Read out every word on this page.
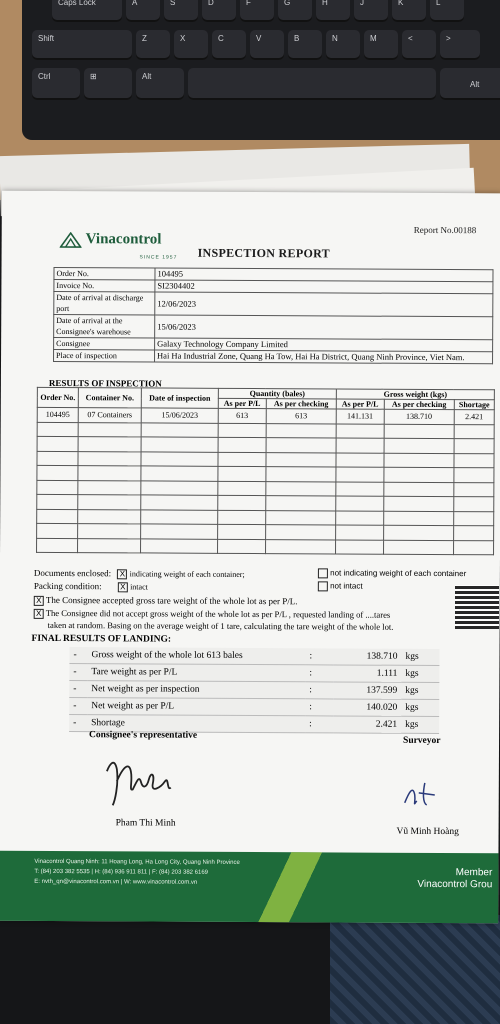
Caps Lock	A	S	D	F	G	H	J	K	L
Shift	Z	X	C	V	B	N	M	<	>
Ctrl	⊞	Alt
Alt
Report No.00188
Vinacontrol
SINCE 1957 INSPECTION REPORT
Order No.	104495
Invoice No.	SI2304402
Date of arrival at discharge port	12/06/2023
Date of arrival at the Consignee's warehouse	15/06/2023
Consignee	Galaxy Technology Company Limited
Place of inspection	Hai Ha Industrial Zone, Quang Ha Tow, Hai Ha District, Quang Ninh Province, Viet Nam.
RESULTS OF INSPECTION
Order No.	Container No.	Date of inspection	Quantity (bales)		Gross weight (kgs)		
			As per P/L	As per checking	As per P/L	As per checking	Shortage
104495	07 Containers	15/06/2023	613	613	141.131	138.710	2.421

Documents enclosed: X indicating weight of each container;	not indicating weight of each container
Packing condition: X intact	not intact
X The Consignee accepted gross tare weight of the whole lot as per P/L.
X The Consignee did not accept gross weight of the whole lot as per P/L , requested landing of ....tares
taken at random. Basing on the average weight of 1 tare, calculating the tare weight of the whole lot.
FINAL RESULTS OF LANDING:
-	Gross weight of the whole lot 613 bales	:	138.710	kgs
-	Tare weight as per P/L	:	1.111	kgs
-	Net weight as per inspection	:	137.599	kgs
-	Net weight as per P/L	:	140.020	kgs
-	Shortage	:	2.421	kgs
Consignee's representative
Surveyor
Pham Thi Minh
Vũ Minh Hoàng
Vinacontrol Quang Ninh: 11 Hoang Long, Ha Long City, Quang Ninh Province
T: (84) 203 382 5535 | H: (84) 936 911 811 | F: (84) 203 382 6169
E: nvth_qn@vinacontrol.com.vn | W: www.vinacontrol.com.vn
Member
Vinacontrol Grou
